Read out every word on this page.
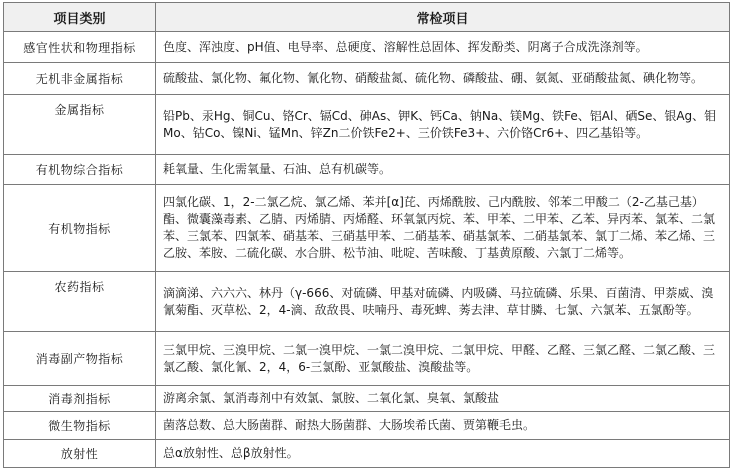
项目类别	常检项目
感官性状和物理指标	色度、浑浊度、pH值、电导率、总硬度、溶解性总固体、挥发酚类、阴离子合成洗涤剂等。
无机非金属指标	硫酸盐、氯化物、氟化物、氰化物、硝酸盐氮、硫化物、磷酸盐、硼、氨氮、亚硝酸盐氮、碘化物等。
金属指标	铅Pb、汞Hg、铜Cu、铬Cr、镉Cd、砷As、钾K、钙Ca、钠Na、镁Mg、铁Fe、铝Al、硒Se、银Ag、钼Mo、钴Co、镍Ni、锰Mn、锌Zn二价铁Fe2+、三价铁Fe3+、六价铬Cr6+、四乙基铅等。
有机物综合指标	耗氧量、生化需氧量、石油、总有机碳等。
有机物指标	四氯化碳、1，2-二氯乙烷、氯乙烯、苯并[α]芘、丙烯酰胺、己内酰胺、邻苯二甲酸二（2-乙基己基）酯、微囊藻毒素、乙腈、丙烯腈、丙烯醛、环氧氯丙烷、苯、甲苯、二甲苯、乙苯、异丙苯、氯苯、二氯苯、三氯苯、四氯苯、硝基苯、三硝基甲苯、二硝基苯、硝基氯苯、二硝基氯苯、氯丁二烯、苯乙烯、三乙胺、苯胺、二硫化碳、水合肼、松节油、吡啶、苦味酸、丁基黄原酸、六氯丁二烯等。
农药指标	滴滴涕、六六六、林丹（γ-666、对硫磷、甲基对硫磷、内吸磷、马拉硫磷、乐果、百菌清、甲萘威、溴氰菊酯、灭草松、2，4-滴、敌敌畏、呋喃丹、毒死蜱、莠去津、草甘膦、七氯、六氯苯、五氯酚等。
消毒副产物指标	三氯甲烷、三溴甲烷、二氯一溴甲烷、一氯二溴甲烷、二氯甲烷、甲醛、乙醛、三氯乙醛、二氯乙酸、三氯乙酸、氯化氰、2，4，6-三氯酚、亚氯酸盐、溴酸盐等。
消毒剂指标	游离余氯、氯消毒剂中有效氯、氯胺、二氧化氯、臭氧、氯酸盐
微生物指标	菌落总数、总大肠菌群、耐热大肠菌群、大肠埃希氏菌、贾第鞭毛虫。
放射性	总α放射性、总β放射性。
